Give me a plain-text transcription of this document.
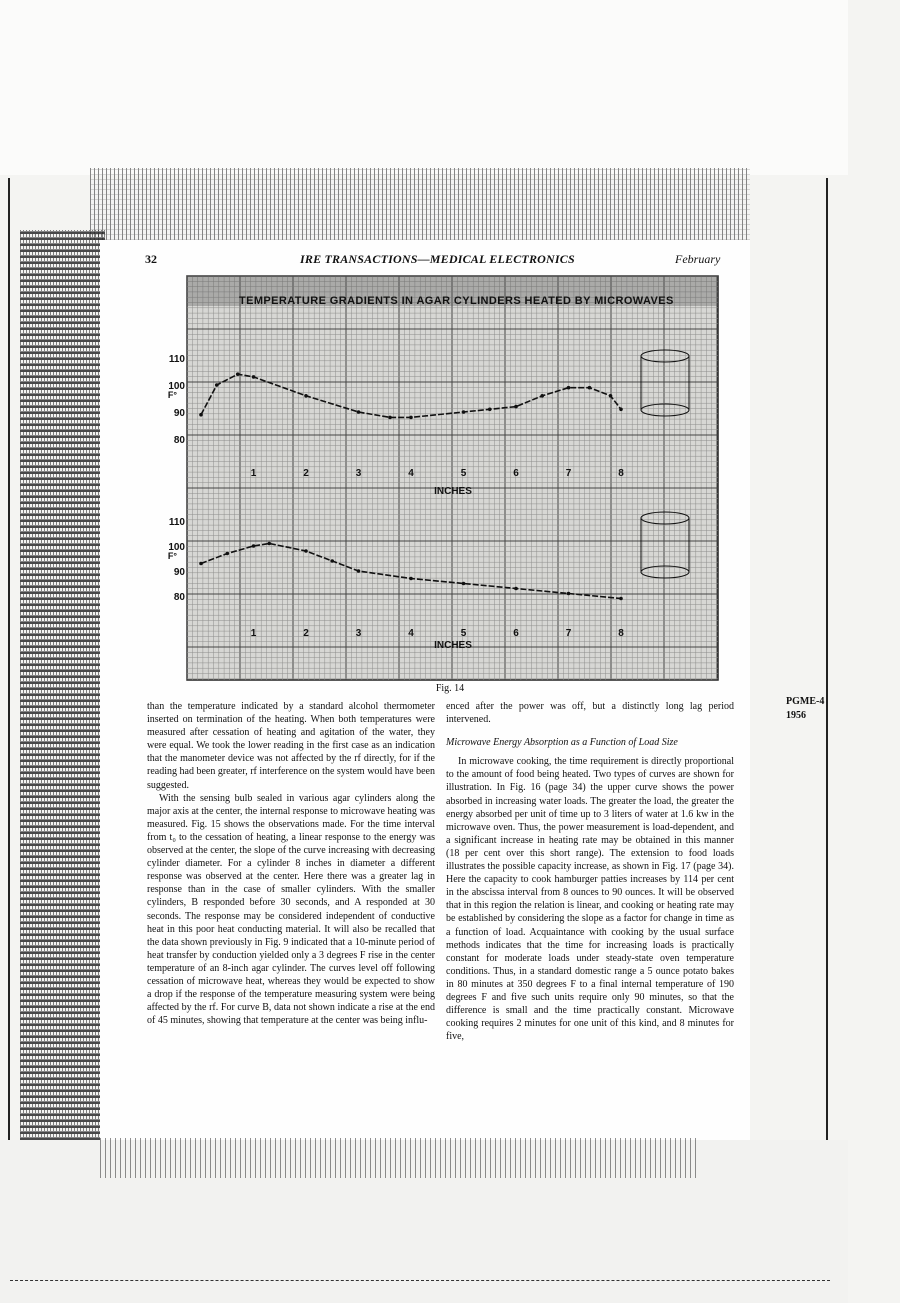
32	IRE TRANSACTIONS—MEDICAL ELECTRONICS	February
TEMPERATURE GRADIENTS IN AGAR CYLINDERS HEATED BY MICROWAVES
80
90
100
110
F°
1	2	3	4	5	6	7	8
INCHES
80
90
100
110
F°
1	2	3	4	5	6	7	8
INCHES
Fig. 14

than the temperature indicated by a standard alcohol thermometer inserted on termination of the heating. When both temperatures were measured after cessation of heating and agitation of the water, they were equal. We took the lower reading in the first case as an indication that the manometer device was not affected by the rf directly, for if the reading had been greater, rf interference on the system would have been suggested.

With the sensing bulb sealed in various agar cylinders along the major axis at the center, the internal response to microwave heating was measured. Fig. 15 shows the observations made. For the time interval from t₀ to the cessation of heating, a linear response to the energy was observed at the center, the slope of the curve increasing with decreasing cylinder diameter. For a cylinder 8 inches in diameter a different response was observed at the center. Here there was a greater lag in response than in the case of smaller cylinders. With the smaller cylinders, B responded before 30 seconds, and A responded at 30 seconds. The response may be considered independent of conductive heat in this poor heat conducting material. It will also be recalled that the data shown previously in Fig. 9 indicated that a 10-minute period of heat transfer by conduction yielded only a 3 degrees F rise in the center temperature of an 8-inch agar cylinder. The curves level off following cessation of microwave heat, whereas they would be expected to show a drop if the response of the temperature measuring system were being affected by the rf. For curve B, data not shown indicate a rise at the end of 45 minutes, showing that temperature at the center was being influ-

enced after the power was off, but a distinctly long lag period intervened.

Microwave Energy Absorption as a Function of Load Size

In microwave cooking, the time requirement is directly proportional to the amount of food being heated. Two types of curves are shown for illustration. In Fig. 16 (page 34) the upper curve shows the power absorbed in increasing water loads. The greater the load, the greater the energy absorbed per unit of time up to 3 liters of water at 1.6 kw in the microwave oven. Thus, the power measurement is load-dependent, and a significant increase in heating rate may be obtained in this manner (18 per cent over this short range). The extension to food loads illustrates the possible capacity increase, as shown in Fig. 17 (page 34). Here the capacity to cook hamburger patties increases by 114 per cent in the abscissa interval from 8 ounces to 90 ounces. It will be observed that in this region the relation is linear, and cooking or heating rate may be established by considering the slope as a factor for change in time as a function of load. Acquaintance with cooking by the usual surface methods indicates that the time for increasing loads is practically constant for moderate loads under steady-state oven temperature conditions. Thus, in a standard domestic range a 5 ounce potato bakes in 80 minutes at 350 degrees F to a final internal temperature of 190 degrees F and five such units require only 90 minutes, so that the difference is small and the time practically constant. Microwave cooking requires 2 minutes for one unit of this kind, and 8 minutes for five,

PGME-4
1956
